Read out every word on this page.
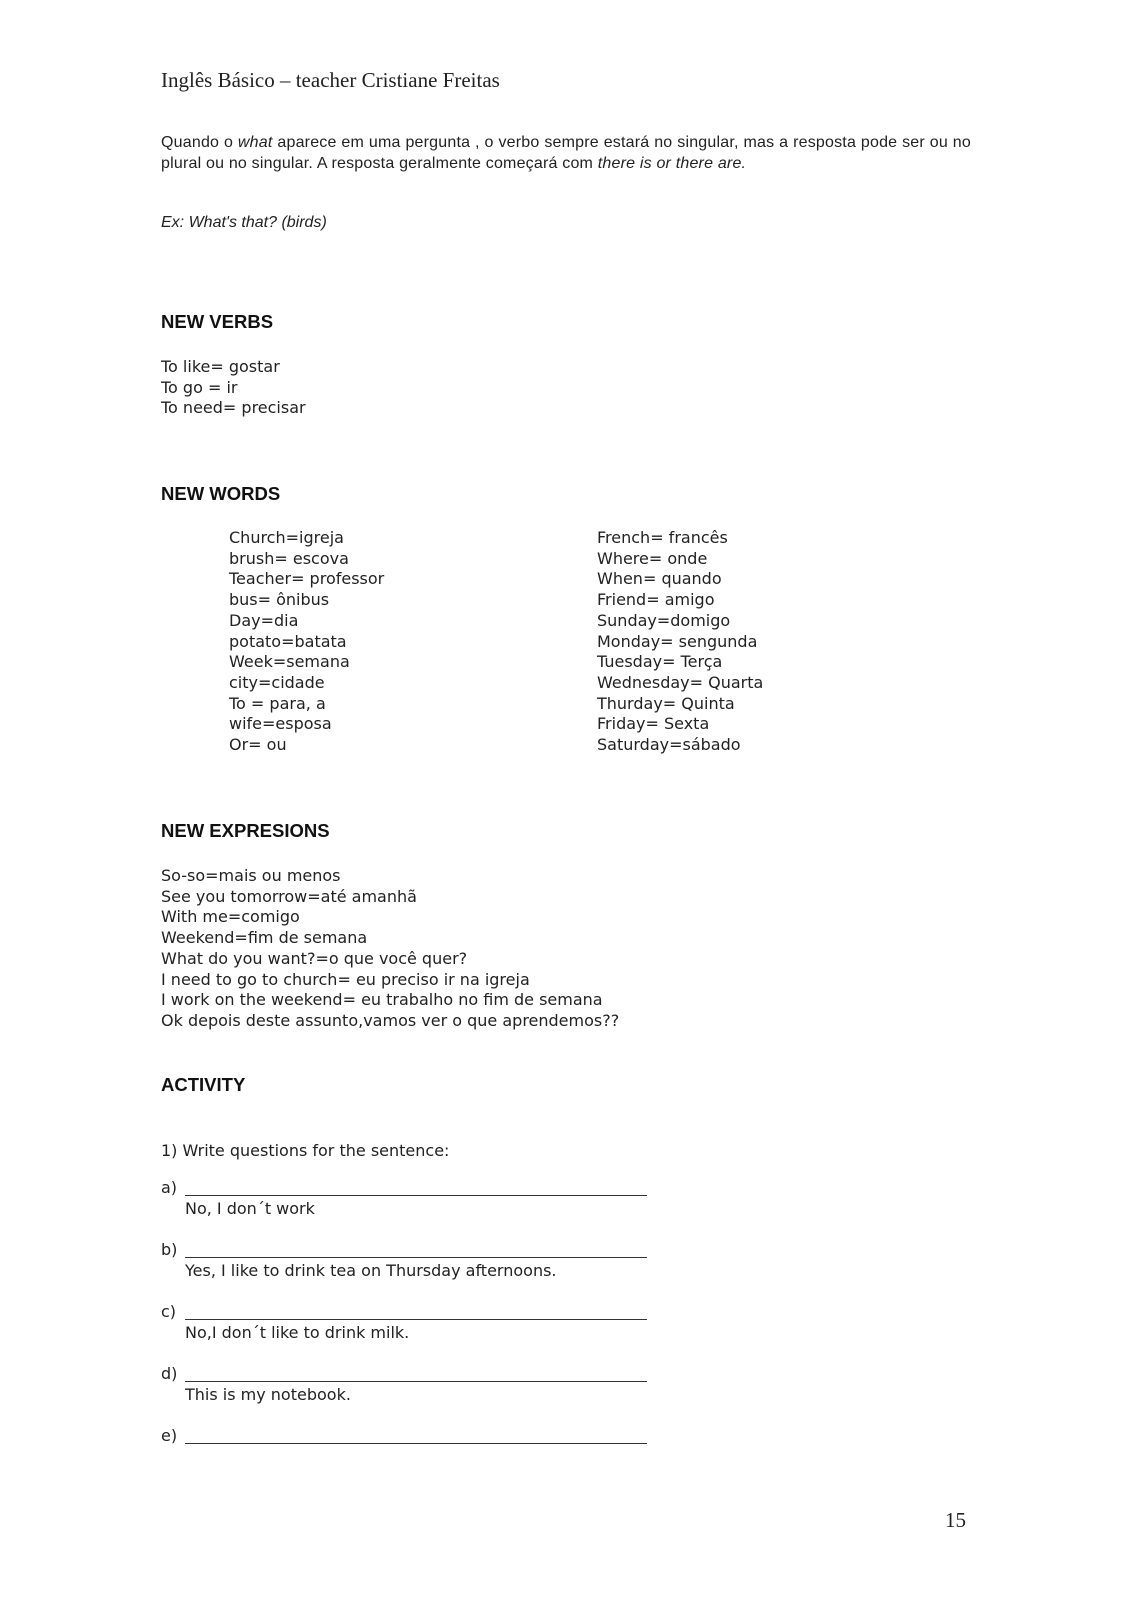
Inglês Básico – teacher Cristiane Freitas
Quando o what aparece em uma pergunta , o verbo sempre estará no singular, mas a resposta pode ser ou no plural ou no singular. A resposta geralmente começará com there is or there are.
Ex: What's that? (birds)
NEW VERBS
To like= gostar
To go = ir
To need= precisar
NEW WORDS
Church=igreja
brush= escova
Teacher= professor
bus= ônibus
Day=dia
potato=batata
Week=semana
city=cidade
To = para, a
wife=esposa
Or= ou
French= francês
Where= onde
When= quando
Friend= amigo
Sunday=domigo
Monday= sengunda
Tuesday= Terça
Wednesday= Quarta
Thurday= Quinta
Friday= Sexta
Saturday=sábado
NEW EXPRESIONS
So-so=mais ou menos
See you tomorrow=até amanhã
With me=comigo
Weekend=fim de semana
What do you want?=o que você quer?
I need to go to church= eu preciso ir na igreja
I work on the weekend= eu trabalho no fim de semana
Ok depois deste assunto,vamos ver o que aprendemos??
ACTIVITY
1) Write questions for the sentence:
a)
No, I don´t work
b)
Yes, I like to drink tea on Thursday afternoons.
c)
No,I don´t like to drink milk.
d)
This is my notebook.
e)
15
